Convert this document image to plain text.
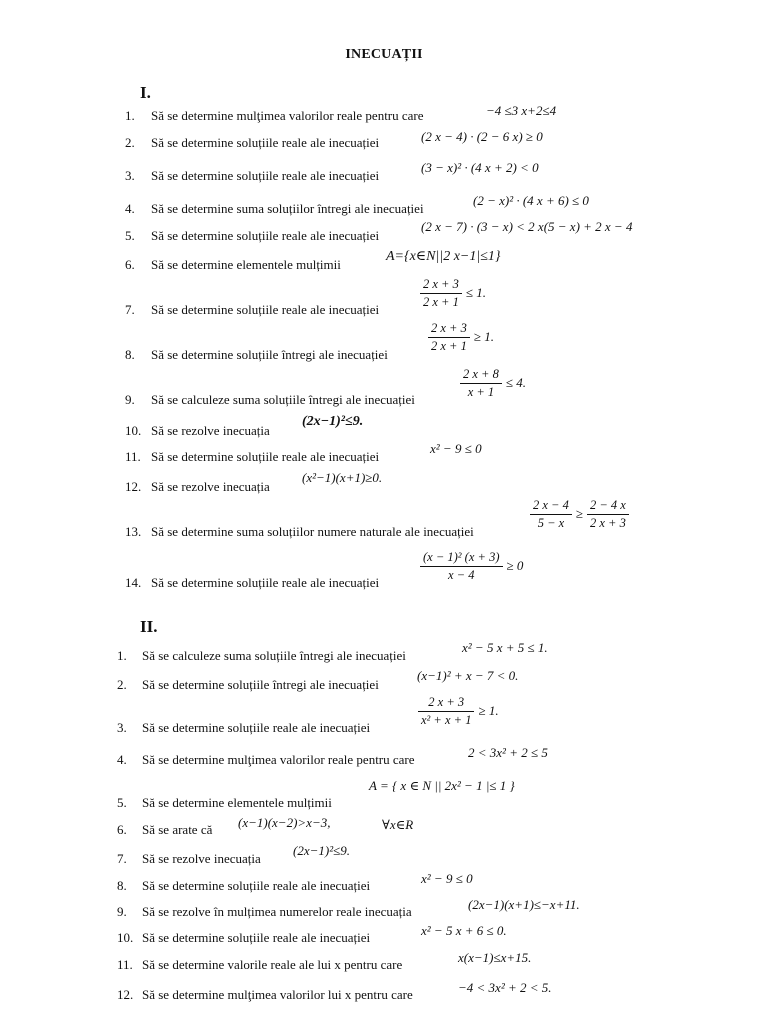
INECUAȚII
I.
1. Să se determine mulţimea valorilor reale pentru care	−4 ≤3 x+2≤4
2. Să se determine soluțiile reale ale inecuației	(2 x − 4) · (2 − 6 x) ≥ 0
3. Să se determine soluțiile reale ale inecuației
(3 − x)² · (4 x + 2) < 0
4. Să se determine suma soluțiilor întregi ale inecuației
(2 − x)² · (4 x + 6) ≤ 0
5. Să se determine soluțiile reale ale inecuației
(2 x − 7) · (3 − x) < 2 x(5 − x) + 2 x − 4
6. Să se determine elementele mulțimii
A={x∈N||2 x−1|≤1}
7. Să se determine soluțiile reale ale inecuației
$\frac{2 x + 3}{2 x + 1} \le 1$.
8. Să se determine soluțiile întregi ale inecuației
$\frac{2 x + 3}{2 x + 1} \ge 1$.
9. Să se calculeze suma soluțiile întregi ale inecuației
$\frac{2 x + 8}{x + 1} \le 4$.
10. Să se rezolve inecuația
(2x−1)²≤9.
11. Să se determine soluțiile reale ale inecuației
x² − 9 ≤ 0
12. Să se rezolve inecuația
(x²−1)(x+1)≥0.
13. Să se determine suma soluțiilor numere naturale ale inecuației
$\frac{2 x - 4}{5 - x} \ge \frac{2 - 4 x}{2 x + 3}$
14. Să se determine soluțiile reale ale inecuației
$\frac{\text{(x − 1)² (x + 3)}}{x - 4} \ge 0$
II.
1. Să se calculeze suma soluțiile întregi ale inecuației
x² − 5 x + 5 ≤ 1.
2. Să se determine soluțiile întregi ale inecuației
(x−1)² + x − 7 < 0.
3. Să se determine soluțiile reale ale inecuației
$\frac{2 x + 3}{\text{x² + x + 1}} \ge 1$.
4. Să se determine mulţimea valorilor reale pentru care	2 < 3x² + 2 ≤ 5
5. Să se determine elementele mulțimii
A = { x ∈ N || 2x² − 1 |≤ 1 }
6. Să se arate că (x−1)(x−2)>x−3,	∀x∈R
7. Să se rezolve inecuația
(2x−1)²≤9.
8. Să se determine soluțiile reale ale inecuației	x² − 9 ≤ 0
9. Să se rezolve în mulțimea numerelor reale inecuația	(2x−1)(x+1)≤−x+11.
10. Să se determine soluțiile reale ale inecuației	x² − 5 x + 6 ≤ 0.
11. Să se determine valorile reale ale lui x pentru care	x(x−1)≤x+15.
12. Să se determine mulţimea valorilor lui x pentru care	−4 < 3x² + 2 < 5.
